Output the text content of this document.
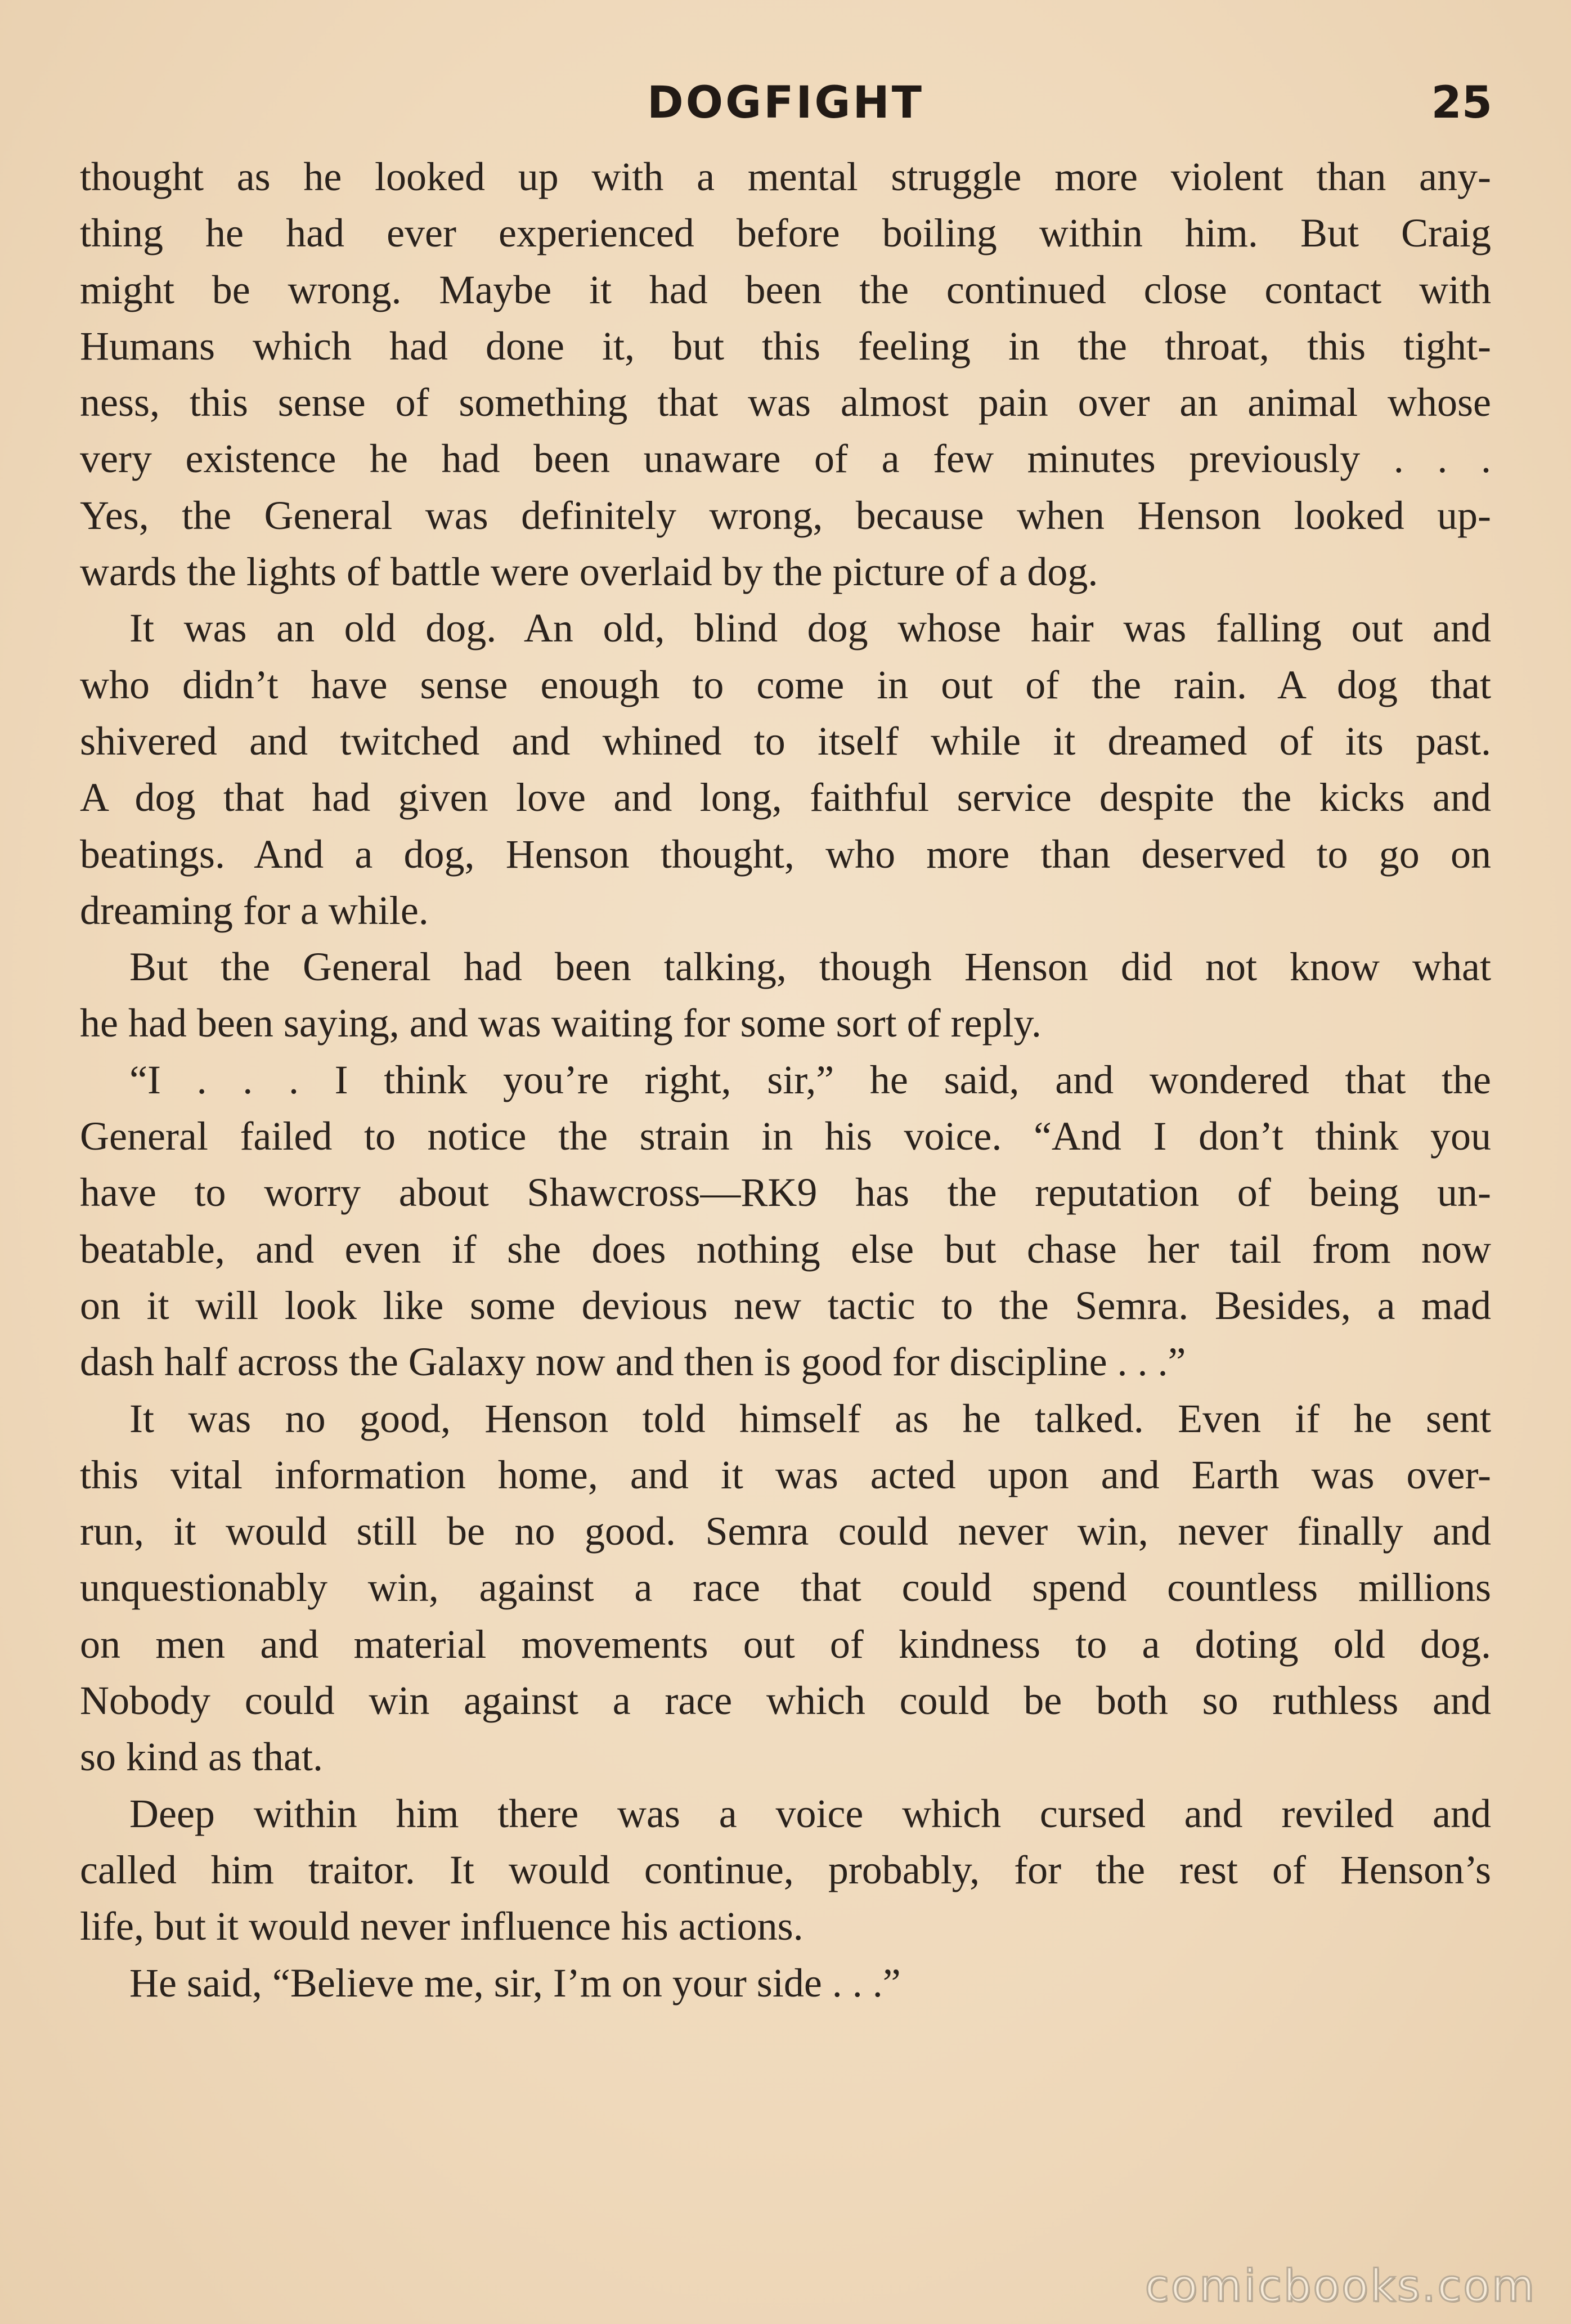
DOGFIGHT	25
thought as he looked up with a mental struggle more violent than any-
thing he had ever experienced before boiling within him. But Craig
might be wrong. Maybe it had been the continued close contact with
Humans which had done it, but this feeling in the throat, this tight-
ness, this sense of something that was almost pain over an animal whose
very existence he had been unaware of a few minutes previously . . .
Yes, the General was definitely wrong, because when Henson looked up-
wards the lights of battle were overlaid by the picture of a dog.
It was an old dog. An old, blind dog whose hair was falling out and
who didn’t have sense enough to come in out of the rain. A dog that
shivered and twitched and whined to itself while it dreamed of its past.
A dog that had given love and long, faithful service despite the kicks and
beatings. And a dog, Henson thought, who more than deserved to go on
dreaming for a while.
But the General had been talking, though Henson did not know what
he had been saying, and was waiting for some sort of reply.
“I . . . I think you’re right, sir,” he said, and wondered that the
General failed to notice the strain in his voice. “And I don’t think you
have to worry about Shawcross—RK9 has the reputation of being un-
beatable, and even if she does nothing else but chase her tail from now
on it will look like some devious new tactic to the Semra. Besides, a mad
dash half across the Galaxy now and then is good for discipline . . .”
It was no good, Henson told himself as he talked. Even if he sent
this vital information home, and it was acted upon and Earth was over-
run, it would still be no good. Semra could never win, never finally and
unquestionably win, against a race that could spend countless millions
on men and material movements out of kindness to a doting old dog.
Nobody could win against a race which could be both so ruthless and
so kind as that.
Deep within him there was a voice which cursed and reviled and
called him traitor. It would continue, probably, for the rest of Henson’s
life, but it would never influence his actions.
He said, “Believe me, sir, I’m on your side . . .”
comicbooks.com
